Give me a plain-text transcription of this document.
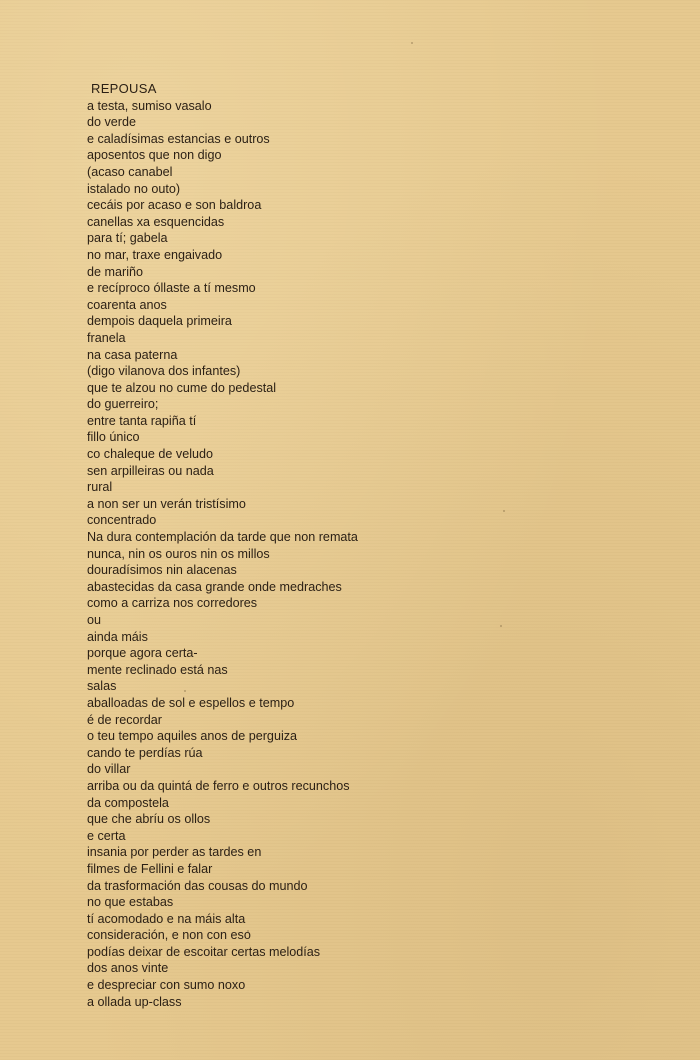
REPOUSA
a testa, sumiso vasalo
do verde
e caladísimas estancias e outros
aposentos que non digo
(acaso canabel
istalado no outo)
cecáis por acaso e son baldroa
canellas xa esquencidas
para tí; gabela
no mar, traxe engaivado
de mariño
e recíproco óllaste a tí mesmo
coarenta anos
dempois daquela primeira
franela
na casa paterna
(digo vilanova dos infantes)
que te alzou no cume do pedestal
do guerreiro;
entre tanta rapiña tí
fillo único
co chaleque de veludo
sen arpilleiras ou nada
rural
a non ser un verán tristísimo
concentrado
Na dura contemplación da tarde que non remata
nunca, nin os ouros nin os millos
douradísimos nin alacenas
abastecidas da casa grande onde medraches
como a carriza nos corredores
ou
ainda máis
porque agora certa-
mente reclinado está nas
salas
aballoadas de sol e espellos e tempo
é de recordar
o teu tempo aquiles anos de perguiza
cando te perdías rúa
do villar
arriba ou da quintá de ferro e outros recunchos
da compostela
que che abríu os ollos
e certa
insania por perder as tardes en
filmes de Fellini e falar
da trasformación das cousas do mundo
no que estabas
tí acomodado e na máis alta
consideración, e non con eso
podías deixar de escoitar certas melodías
dos anos vinte
e despreciar con sumo noxo
a ollada up-class
